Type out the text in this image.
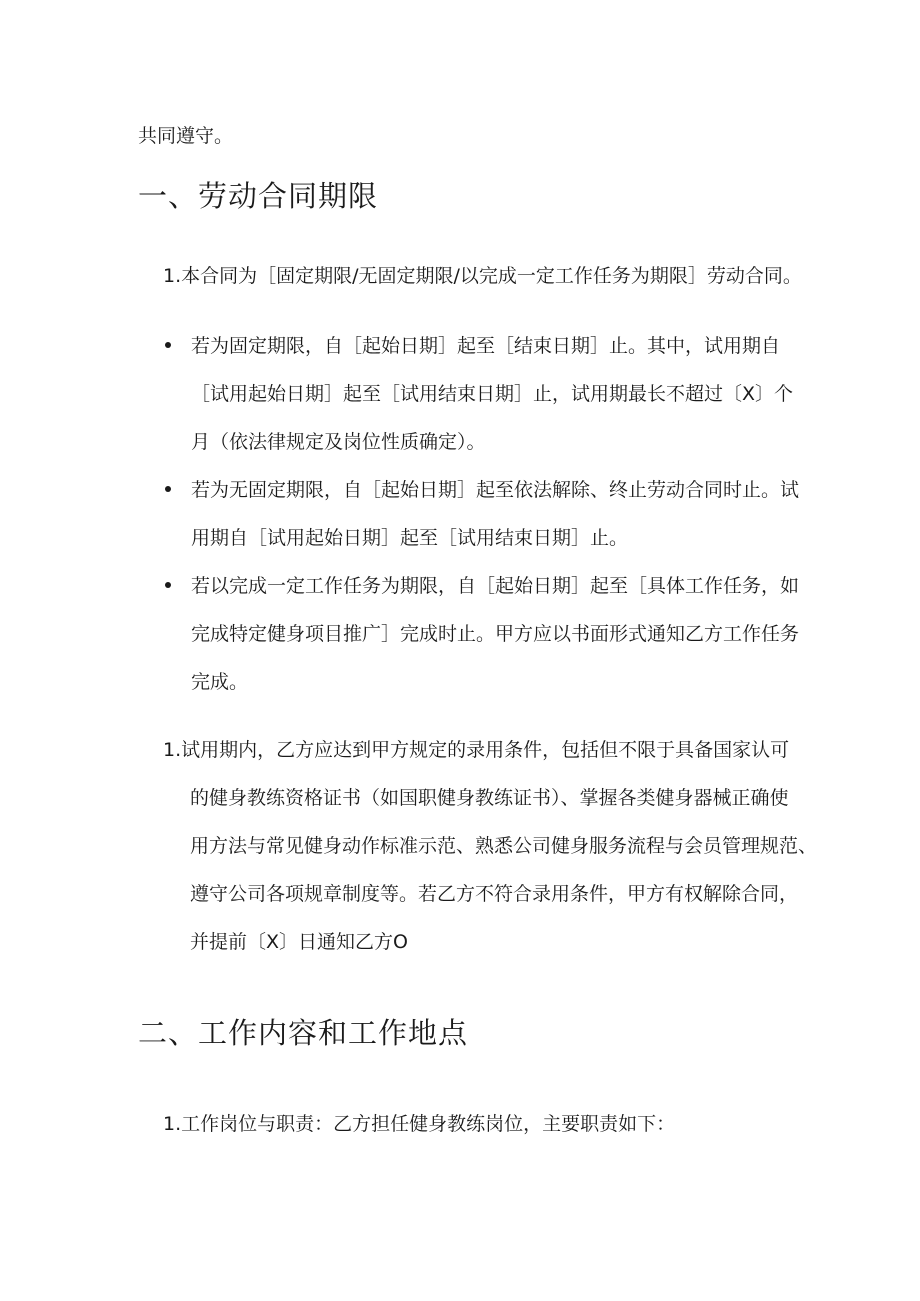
共同遵守。
一、劳动合同期限
1.本合同为［固定期限/无固定期限/以完成一定工作任务为期限］劳动合同。
若为固定期限，自［起始日期］起至［结束日期］止。其中，试用期自
［试用起始日期］起至［试用结束日期］止，试用期最长不超过〔X〕个
月（依法律规定及岗位性质确定）。
若为无固定期限，自［起始日期］起至依法解除、终止劳动合同时止。试
用期自［试用起始日期］起至［试用结束日期］止。
若以完成一定工作任务为期限，自［起始日期］起至［具体工作任务，如
完成特定健身项目推广］完成时止。甲方应以书面形式通知乙方工作任务
完成。
1.试用期内，乙方应达到甲方规定的录用条件，包括但不限于具备国家认可
的健身教练资格证书（如国职健身教练证书）、掌握各类健身器械正确使
用方法与常见健身动作标准示范、熟悉公司健身服务流程与会员管理规范、
遵守公司各项规章制度等。若乙方不符合录用条件，甲方有权解除合同，
并提前〔X〕日通知乙方O
二、工作内容和工作地点
1.工作岗位与职责：乙方担任健身教练岗位，主要职责如下：
